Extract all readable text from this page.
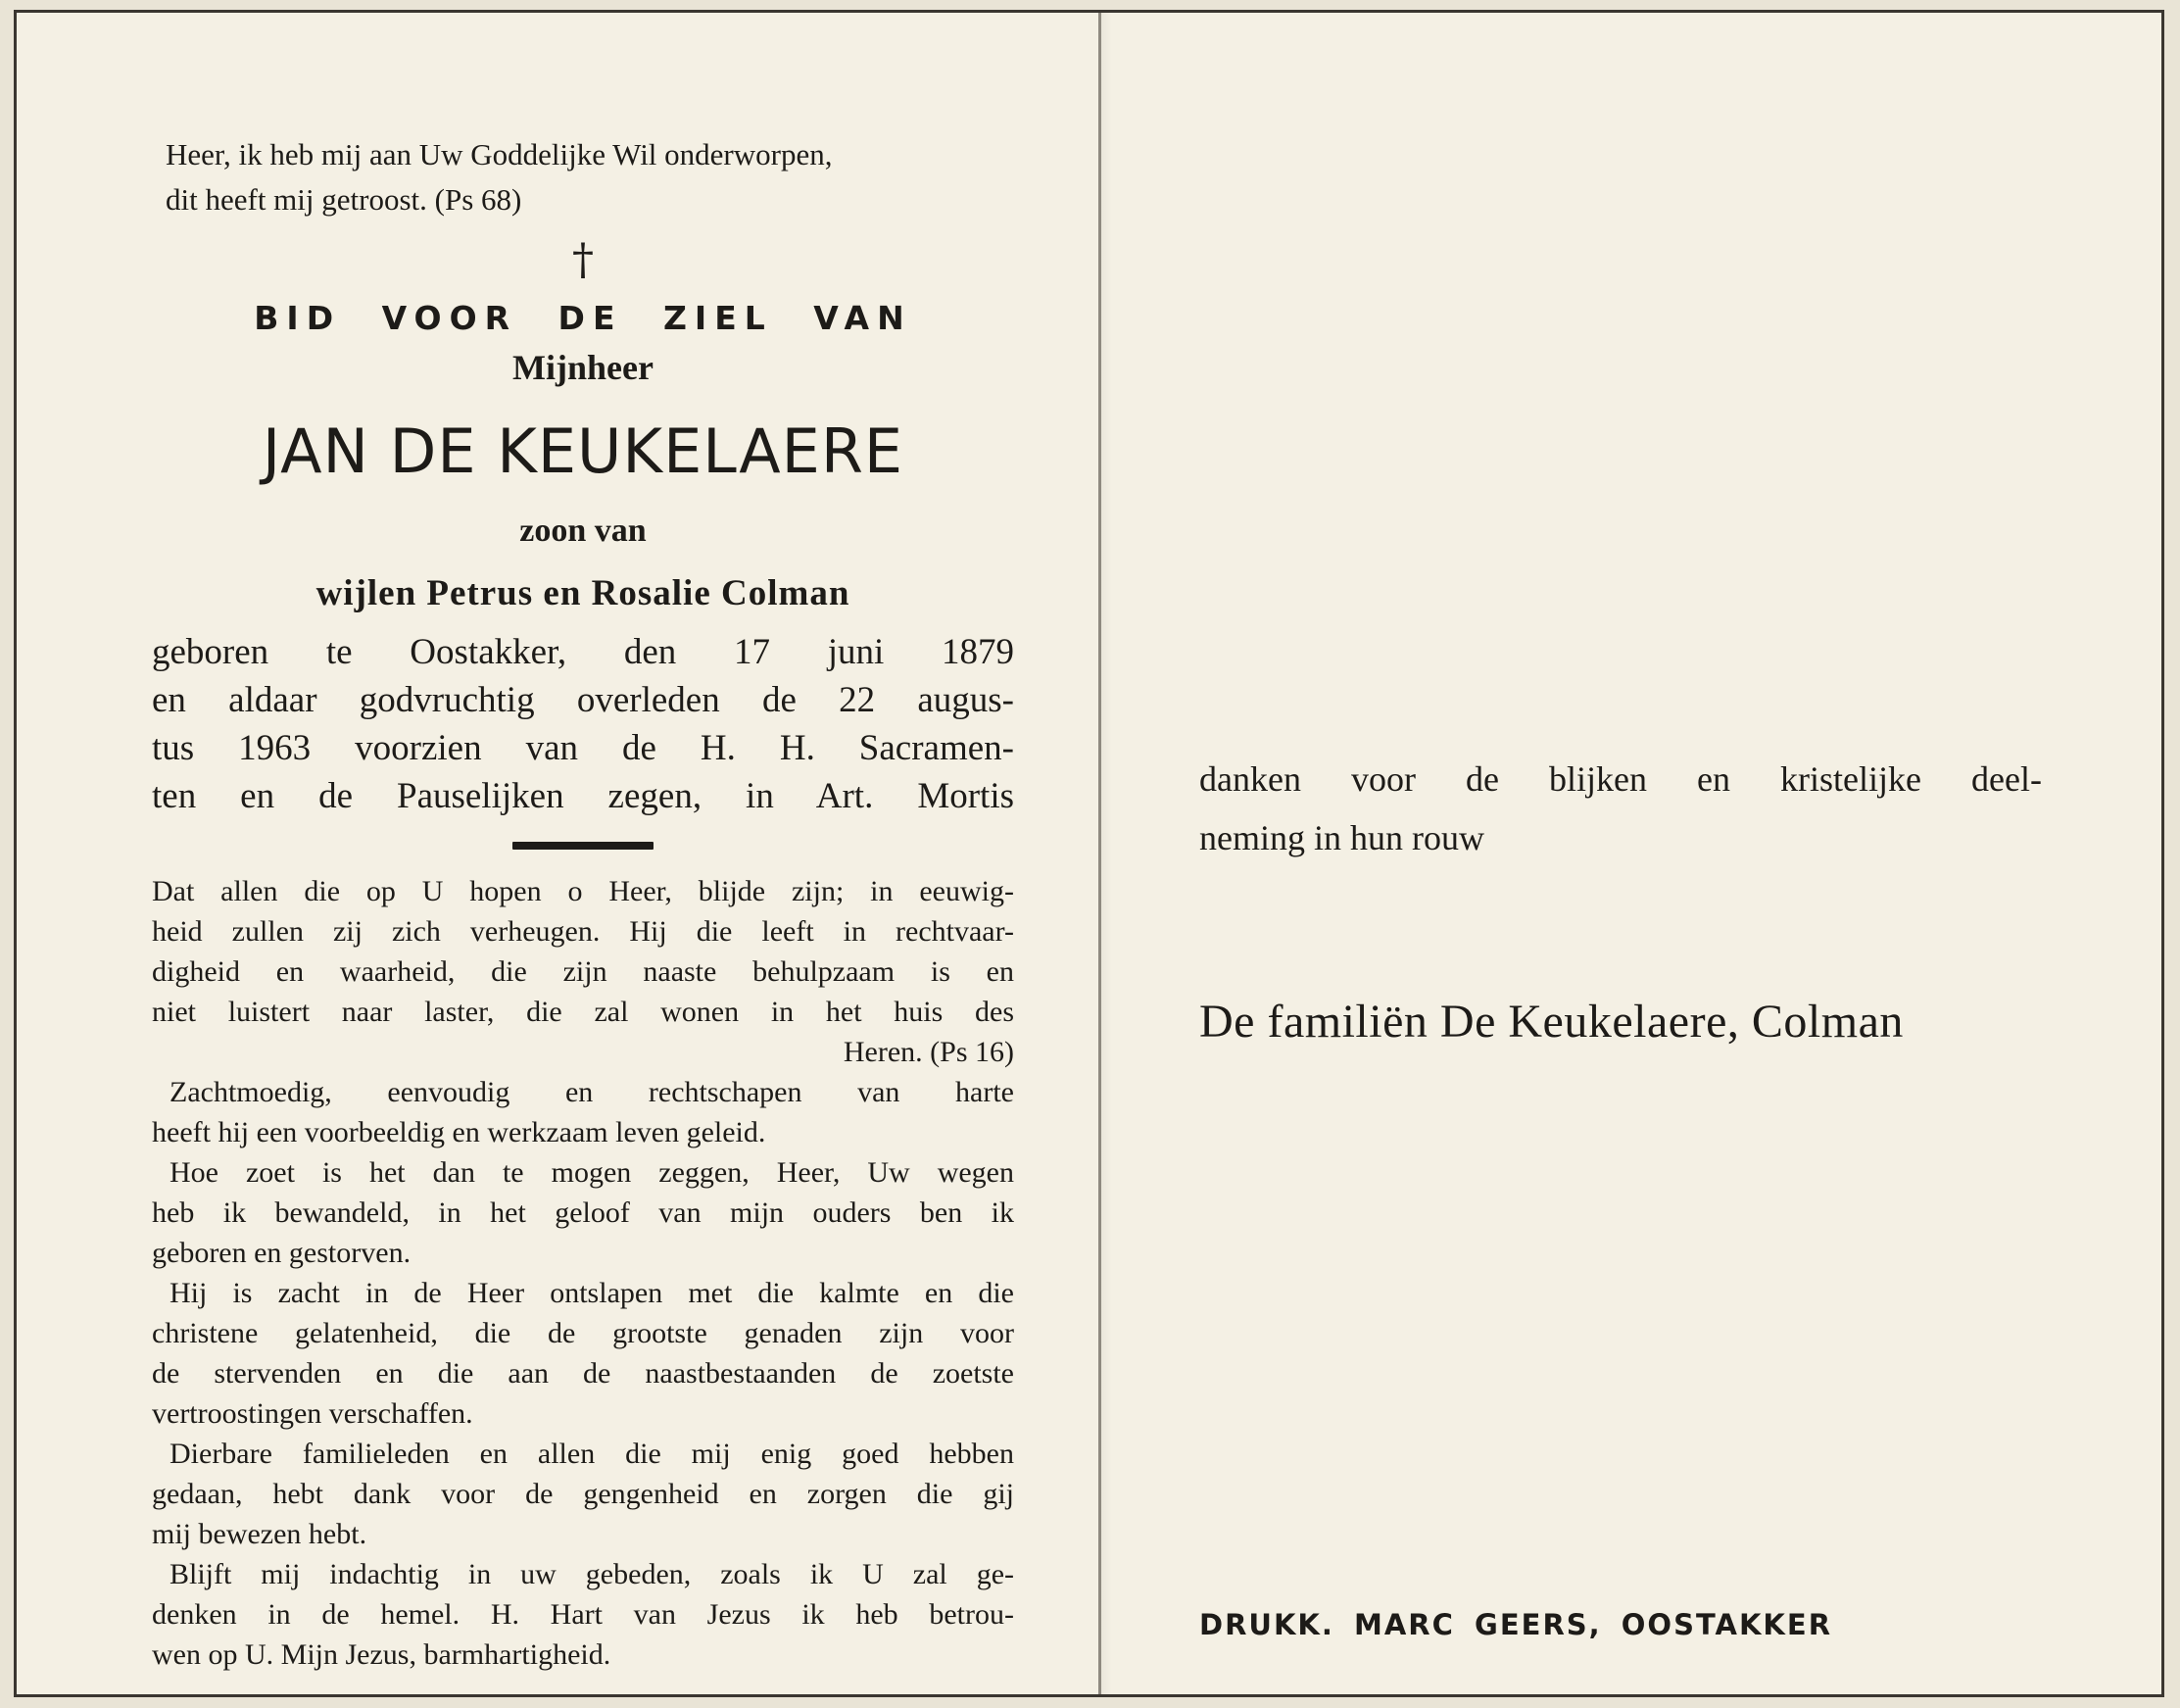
Heer, ik heb mij aan Uw Goddelijke Wil onderworpen,

dit heeft mij getroost. (Ps 68)

†
BID VOOR DE ZIEL VAN
Mijnheer
JAN DE KEUKELAERE
zoon van
wijlen Petrus en Rosalie Colman

geboren te Oostakker, den 17 juni 1879

en aldaar godvruchtig overleden de 22 augus-

tus 1963 voorzien van de H. H. Sacramen-

ten en de Pauselijken zegen, in Art. Mortis

Dat allen die op U hopen o Heer, blijde zijn; in eeuwig-

heid zullen zij zich verheugen. Hij die leeft in rechtvaar-

digheid en waarheid, die zijn naaste behulpzaam is en

niet luistert naar laster, die zal wonen in het huis des

Heren. (Ps 16)

Zachtmoedig, eenvoudig en rechtschapen van harte

heeft hij een voorbeeldig en werkzaam leven geleid.

Hoe zoet is het dan te mogen zeggen, Heer, Uw wegen

heb ik bewandeld, in het geloof van mijn ouders ben ik

geboren en gestorven.

Hij is zacht in de Heer ontslapen met die kalmte en die

christene gelatenheid, die de grootste genaden zijn voor

de stervenden en die aan de naastbestaanden de zoetste

vertroostingen verschaffen.

Dierbare familieleden en allen die mij enig goed hebben

gedaan, hebt dank voor de gengenheid en zorgen die gij

mij bewezen hebt.

Blijft mij indachtig in uw gebeden, zoals ik U zal ge-

denken in de hemel. H. Hart van Jezus ik heb betrou-

wen op U. Mijn Jezus, barmhartigheid.

danken voor de blijken en kristelijke deel-

neming in hun rouw

De familiën De Keukelaere, Colman
DRUKK. MARC GEERS, OOSTAKKER
